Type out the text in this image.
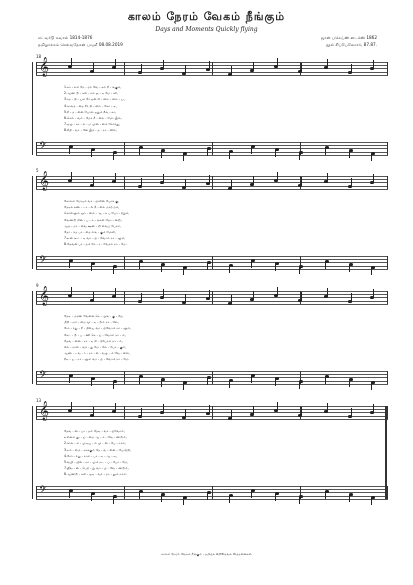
காலம் நேரம் வேகம் நீங்கும்
Days and Moments Quickly flying
எட்வர்டு சுவால் 1814-1876
தமிழாக்கம் செல்வநேசன் பவுலீ 08.08.2019
ஜான் பகெய்ஸ் டைக்ஸ் 1862
நூல் சிப்பேலோசர், 87.87.
18
𝄞
𝄢
1.கா - லம் நே - ரம் வே - கம் நீ - ங்கும்,
2.ஆண் டு - கள் - நம் ஓ - டி மே - வி,
3.சத - தி - யம் நீர் ஏன் நி - லை - லை - ய,
4.காலத் - தை நீர் தி - லை - கோ - டி,
5.நீ - த - னை போல் ஏதும் நீங் - கா,
6.செல் - வம் - மோ நீ - லை - மோ இல்,
7.ஒரு - கா - ல - ம முன் - னம் சேர்ந்து,
8.நீதி - வா - னே இந் - த - நா - ளில்,
5
𝄞
𝄢
கோலம் மேவும் வா - ழ்வின் போக் கு,
தேடிக் கண் - டா - ல் நீ - லை மாற் றம்,
கொள்ளும் ஞா - னம் - ஆ - க ப போ - ற்றும்,
வேண்டு நின் - ப - க - ங்கள் தோ - ன்றி,
ஆத் - மா - வை ஊன் - றி வைப் போம்,
தேர் - ந்த பா - தை எங் - கும் மேவி,
7.உன் கூட் - டி வா - ழ் - வோம் நா - ளும்,
8.தேவன் பா - தம் சே - ர - வோம் நா - மே.
9
𝄞
𝄢
தேடி - மரண வேளை நெ - ருங் - கு - தே,
மீறி - நம் - மை மூ - டி - டும் நா - ளே,
சேர் - ந்து - நீ - தியை வா - ழ்வோம் நா - ளும்,
கேட் - டு - ப - ணி செ - ய் - வோம் நா - ம்,
தேவ - னை - நா - டி நி - ற்போம் நா - ம்,
சில - நாள் - வந் - து மே - லே - போ - கும்,
ஆண் - டவ - ர் - நா - ள் - வரு - ம் வே - ளை,
நீடி - ய - நா - ளும் வா - ழ் - வோம் நா - மே.
13
𝄞
𝄢
தேவ - ன் - பா - தம் தேடி - வா - ழ்வோம்,
உள்ளம் தூ - ய் - மை ஆ - க - வே - ண்டும்,
2.கால - ம் - முடியு - ம் மு - ன் - பே - நாம்,
3.நம் - மை - காக்கும் தே - வ - னை - போற்றி,
4.சேர் - ந்து - நாம் - பா - டி - ஆ - டி,
5.வழி - யில் - நா - மும் நட - ப் - போ - மே,
7.ஜீவ - ன் - பெற் - று வா - ழ - வே - ண்டும்,
8.ஆண்டு - கள் - ஓடி - வந் - தா - லும் நாம்.
காலம் நேரம் வேகம் நீங்கும் - தமிழ்க் கிறிஸ்தவக் கீர்த்தனைகள்
